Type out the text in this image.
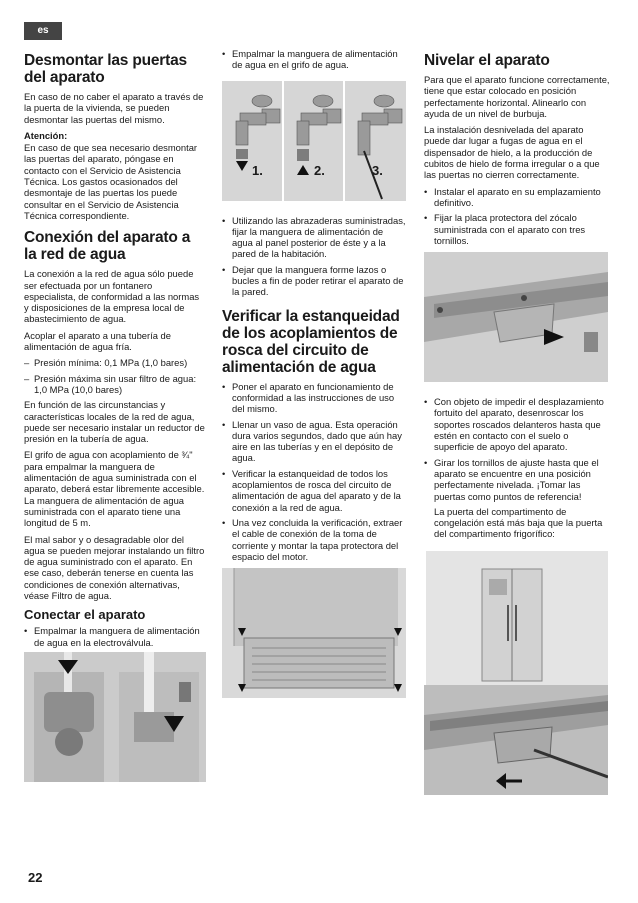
es
Desmontar las puertas del aparato

En caso de no caber el aparato a través de la puerta de la vivienda, se pueden desmontar las puertas del mismo.

Atención:

En caso de que sea necesario desmontar las puertas del aparato, póngase en contacto con el Servicio de Asistencia Técnica. Los gastos ocasionados del desmontaje de las puertas los puede consultar en el Servicio de Asistencia Técnica correspondiente.

Conexión del aparato a la red de agua

La conexión a la red de agua sólo puede ser efectuada por un fontanero especialista, de conformidad a las normas y disposiciones de la empresa local de abastecimiento de agua.

Acoplar el aparato a una tubería de alimentación de agua fría.

– Presión mínima: 0,1 MPa (1,0 bares)
– Presión máxima sin usar filtro de agua: 1,0 MPa (10,0 bares)

En función de las circunstancias y características locales de la red de agua, puede ser necesario instalar un reductor de presión en la tubería de agua.

El grifo de agua con acoplamiento de ¾" para empalmar la manguera de alimentación de agua suministrada con el aparato, deberá estar libremente accesible. La manguera de alimentación de agua suministrada con el aparato tiene una longitud de 5 m.

El mal sabor y o desagradable olor del agua se pueden mejorar instalando un filtro de agua suministrado con el aparato. En ese caso, deberán tenerse en cuenta las condiciones de conexión alternativas, véase Filtro de agua.

Conectar el aparato
• Empalmar la manguera de alimentación de agua en la electroválvula.
• Empalmar la manguera de alimentación de agua en el grifo de agua.
1.	2.	3.
• Utilizando las abrazaderas suministradas, fijar la manguera de alimentación de agua al panel posterior de éste y a la pared de la habitación.
• Dejar que la manguera forme lazos o bucles a fin de poder retirar el aparato de la pared.
Verificar la estanqueidad de los acoplamientos de rosca del circuito de alimentación de agua
• Poner el aparato en funcionamiento de conformidad a las instrucciones de uso del mismo.
• Llenar un vaso de agua. Esta operación dura varios segundos, dado que aún hay aire en las tuberías y en el depósito de agua.
• Verificar la estanqueidad de todos los acoplamientos de rosca del circuito de alimentación de agua del aparato y de la conexión a la red de agua.
• Una vez concluida la verificación, extraer el cable de conexión de la toma de corriente y montar la tapa protectora del espacio del motor.
Nivelar el aparato

Para que el aparato funcione correctamente, tiene que estar colocado en posición perfectamente horizontal. Alinearlo con ayuda de un nivel de burbuja.

La instalación desnivelada del aparato puede dar lugar a fugas de agua en el dispensador de hielo, a la producción de cubitos de hielo de forma irregular o a que las puertas no cierren correctamente.

• Instalar el aparato en su emplazamiento definitivo.
• Fijar la placa protectora del zócalo suministrada con el aparato con tres tornillos.
• Con objeto de impedir el desplazamiento fortuito del aparato, desenroscar los soportes roscados delanteros hasta que estén en contacto con el suelo o superficie de apoyo del aparato.
• Girar los tornillos de ajuste hasta que el aparato se encuentre en una posición perfectamente nivelada. ¡Tomar las puertas como puntos de referencia!

La puerta del compartimento de congelación está más baja que la puerta del compartimento frigorífico:

22
